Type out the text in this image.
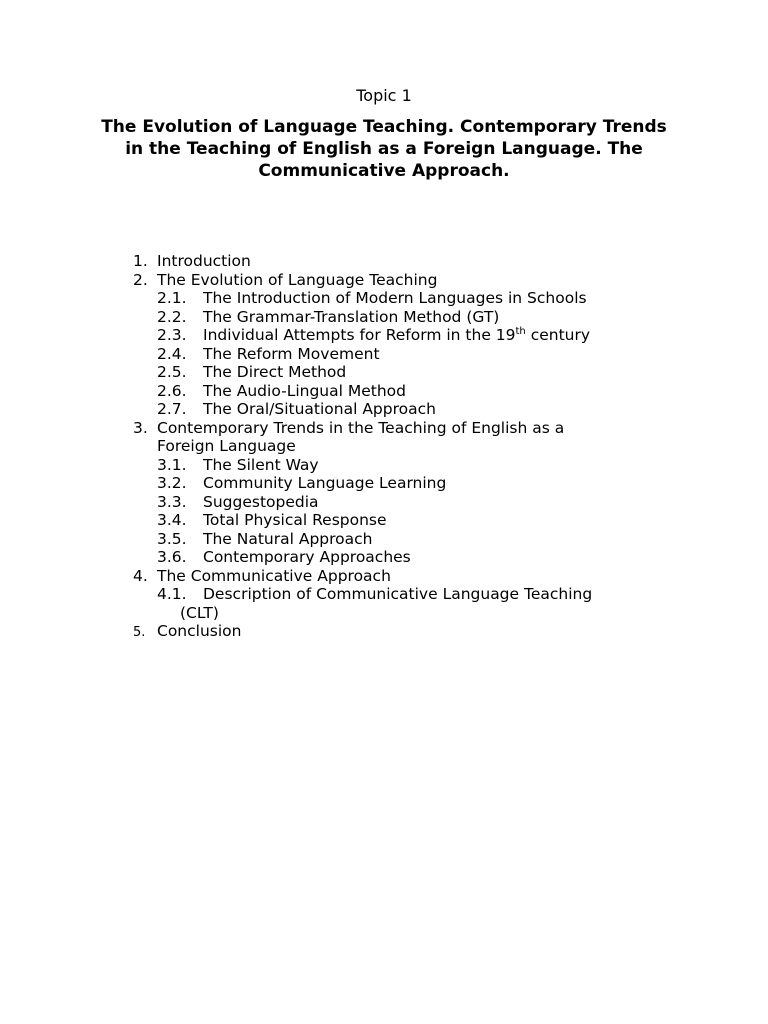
Topic 1
The Evolution of Language Teaching. Contemporary Trends in the Teaching of English as a Foreign Language. The Communicative Approach.
1. Introduction
2. The Evolution of Language Teaching
2.1. The Introduction of Modern Languages in Schools
2.2. The Grammar-Translation Method (GT)
2.3. Individual Attempts for Reform in the 19th century
2.4. The Reform Movement
2.5. The Direct Method
2.6. The Audio-Lingual Method
2.7. The Oral/Situational Approach
3. Contemporary Trends in the Teaching of English as a
Foreign Language
3.1. The Silent Way
3.2. Community Language Learning
3.3. Suggestopedia
3.4. Total Physical Response
3.5. The Natural Approach
3.6. Contemporary Approaches
4. The Communicative Approach
4.1. Description of Communicative Language Teaching
(CLT)
5. Conclusion
